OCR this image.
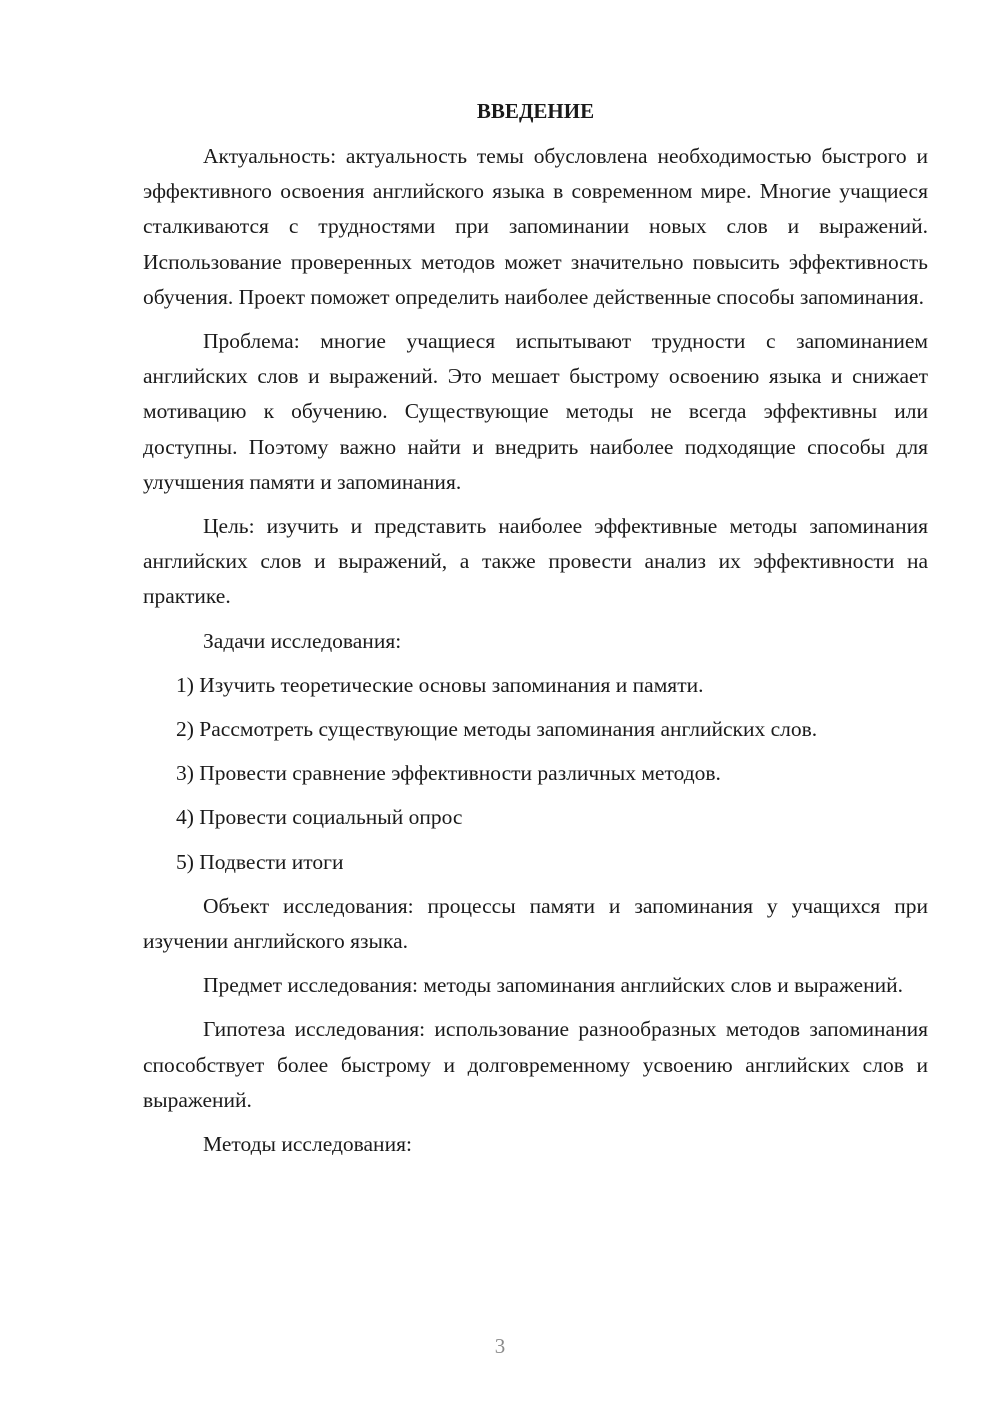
ВВЕДЕНИЕ

Актуальность: актуальность темы обусловлена необходимостью быстрого и эффективного освоения английского языка в современном мире. Многие учащиеся сталкиваются с трудностями при запоминании новых слов и выражений. Использование проверенных методов может значительно повысить эффективность обучения. Проект поможет определить наиболее действенные способы запоминания.

Проблема: многие учащиеся испытывают трудности с запоминанием английских слов и выражений. Это мешает быстрому освоению языка и снижает мотивацию к обучению. Существующие методы не всегда эффективны или доступны. Поэтому важно найти и внедрить наиболее подходящие способы для улучшения памяти и запоминания.

Цель: изучить и представить наиболее эффективные методы запоминания английских слов и выражений, а также провести анализ их эффективности на практике.

Задачи исследования:

1) Изучить теоретические основы запоминания и памяти.

2) Рассмотреть существующие методы запоминания английских слов.

3) Провести сравнение эффективности различных методов.

4) Провести социальный опрос

5) Подвести итоги

Объект исследования: процессы памяти и запоминания у учащихся при изучении английского языка.

Предмет исследования: методы запоминания английских слов и выражений.

Гипотеза исследования: использование разнообразных методов запоминания способствует более быстрому и долговременному усвоению английских слов и выражений.

Методы исследования:

3
